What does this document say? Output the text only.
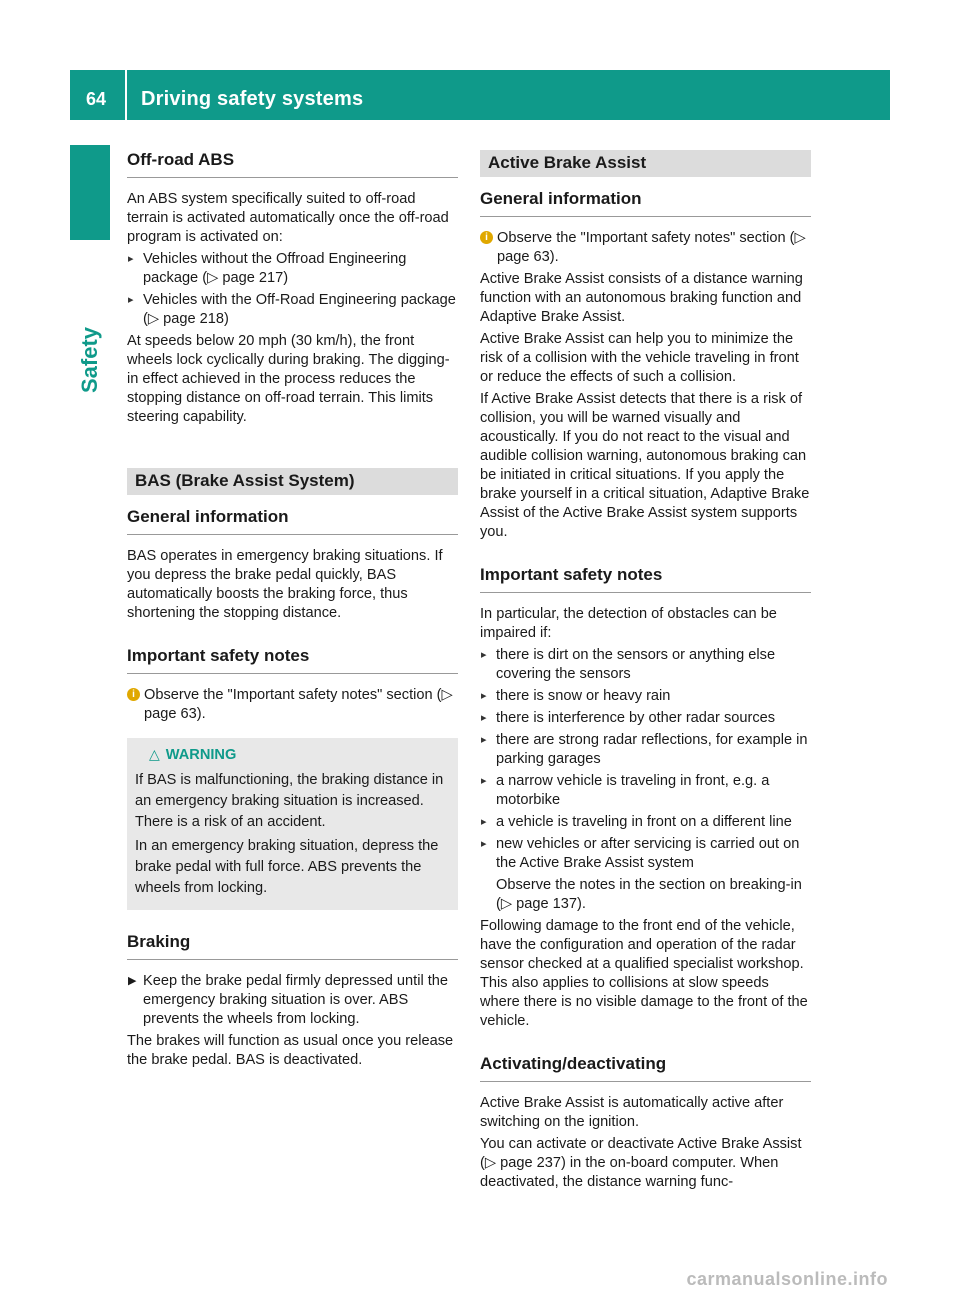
64 Driving safety systems
Safety
Off-road ABS

An ABS system specifically suited to off-road terrain is activated automatically once the off-road program is activated on:

▸ Vehicles without the Offroad Engineering package (▷ page 217)
▸ Vehicles with the Off-Road Engineering package (▷ page 218)

At speeds below 20 mph (30 km/h), the front wheels lock cyclically during braking. The digging-in effect achieved in the process reduces the stopping distance on off-road terrain. This limits steering capability.

BAS (Brake Assist System)
General information

BAS operates in emergency braking situations. If you depress the brake pedal quickly, BAS automatically boosts the braking force, thus shortening the stopping distance.

Important safety notes
i Observe the "Important safety notes" section (▷ page 63).
△ WARNING

If BAS is malfunctioning, the braking distance in an emergency braking situation is increased. There is a risk of an accident.

In an emergency braking situation, depress the brake pedal with full force. ABS prevents the wheels from locking.

Braking
▶ Keep the brake pedal firmly depressed until the emergency braking situation is over. ABS prevents the wheels from locking.

The brakes will function as usual once you release the brake pedal. BAS is deactivated.

Active Brake Assist
General information
i Observe the "Important safety notes" section (▷ page 63).

Active Brake Assist consists of a distance warning function with an autonomous braking function and Adaptive Brake Assist.

Active Brake Assist can help you to minimize the risk of a collision with the vehicle traveling in front or reduce the effects of such a collision.

If Active Brake Assist detects that there is a risk of collision, you will be warned visually and acoustically. If you do not react to the visual and audible collision warning, autonomous braking can be initiated in critical situations. If you apply the brake yourself in a critical situation, Adaptive Brake Assist of the Active Brake Assist system supports you.

Important safety notes

In particular, the detection of obstacles can be impaired if:

▸ there is dirt on the sensors or anything else covering the sensors
▸ there is snow or heavy rain
▸ there is interference by other radar sources
▸ there are strong radar reflections, for example in parking garages
▸ a narrow vehicle is traveling in front, e.g. a motorbike
▸ a vehicle is traveling in front on a different line
▸ new vehicles or after servicing is carried out on the Active Brake Assist system
Observe the notes in the section on breaking-in (▷ page 137).

Following damage to the front end of the vehicle, have the configuration and operation of the radar sensor checked at a qualified specialist workshop. This also applies to collisions at slow speeds where there is no visible damage to the front of the vehicle.

Activating/deactivating

Active Brake Assist is automatically active after switching on the ignition.

You can activate or deactivate Active Brake Assist (▷ page 237) in the on-board computer. When deactivated, the distance warning func-

carmanualsonline.info
